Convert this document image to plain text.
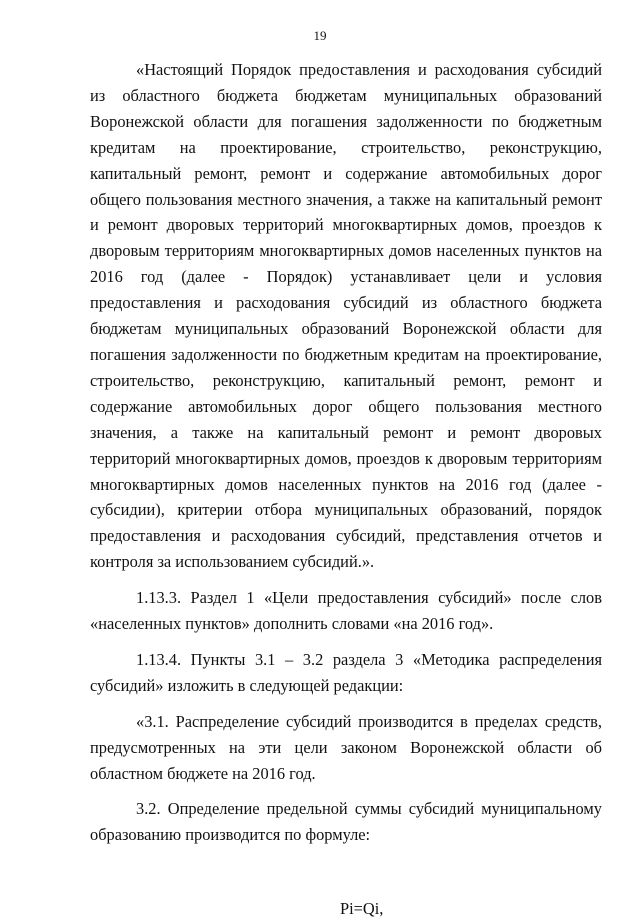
19

«Настоящий Порядок предоставления и расходования субсидий из областного бюджета бюджетам муниципальных образований Воронежской области для погашения задолженности по бюджетным кредитам на проектирование, строительство, реконструкцию, капитальный ремонт, ремонт и содержание автомобильных дорог общего пользования местного значения, а также на капитальный ремонт и ремонт дворовых территорий многоквартирных домов, проездов к дворовым территориям многоквартирных домов населенных пунктов на 2016 год (далее - Порядок) устанавливает цели и условия предоставления и расходования субсидий из областного бюджета бюджетам муниципальных образований Воронежской области для погашения задолженности по бюджетным кредитам на проектирование, строительство, реконструкцию, капитальный ремонт, ремонт и содержание автомобильных дорог общего пользования местного значения, а также на капитальный ремонт и ремонт дворовых территорий многоквартирных домов, проездов к дворовым территориям многоквартирных домов населенных пунктов на 2016 год (далее - субсидии), критерии отбора муниципальных образований, порядок предоставления и расходования субсидий, представления отчетов и контроля за использованием субсидий.».

1.13.3. Раздел 1 «Цели предоставления субсидий» после слов «населенных пунктов» дополнить словами «на 2016 год».

1.13.4. Пункты 3.1 – 3.2 раздела 3 «Методика распределения субсидий» изложить в следующей редакции:

«3.1. Распределение субсидий производится в пределах средств, предусмотренных на эти цели законом Воронежской области об областном бюджете на 2016 год.

3.2. Определение предельной суммы субсидий муниципальному образованию производится по формуле:

Pi=Qi,
